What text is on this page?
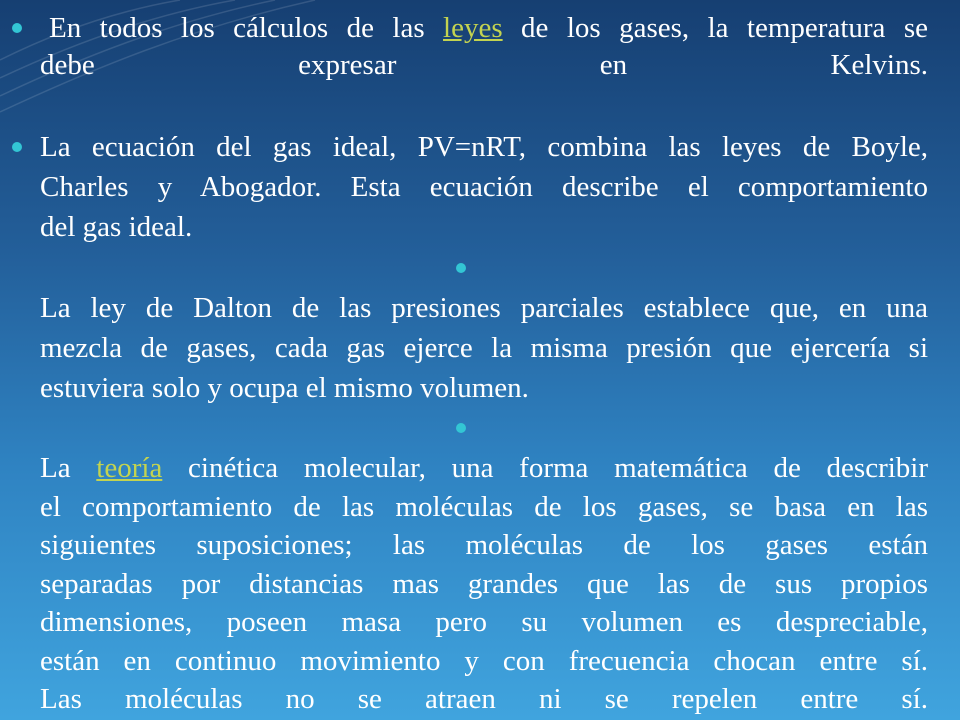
En todos los cálculos de las leyes de los gases, la temperatura se
debe expresar en Kelvins.
La ecuación del gas ideal, PV=nRT, combina las leyes de Boyle,
Charles y Abogador. Esta ecuación describe el comportamiento
del gas ideal.
La ley de Dalton de las presiones parciales establece que, en una
mezcla de gases, cada gas ejerce la misma presión que ejercería si
estuviera solo y ocupa el mismo volumen.
La teoría cinética molecular, una forma matemática de describir
el comportamiento de las moléculas de los gases, se basa en las
siguientes suposiciones; las moléculas de los gases están
separadas por distancias mas grandes que las de sus propios
dimensiones, poseen masa pero su volumen es despreciable,
están en continuo movimiento y con frecuencia chocan entre sí.
Las moléculas no se atraen ni se repelen entre sí.
